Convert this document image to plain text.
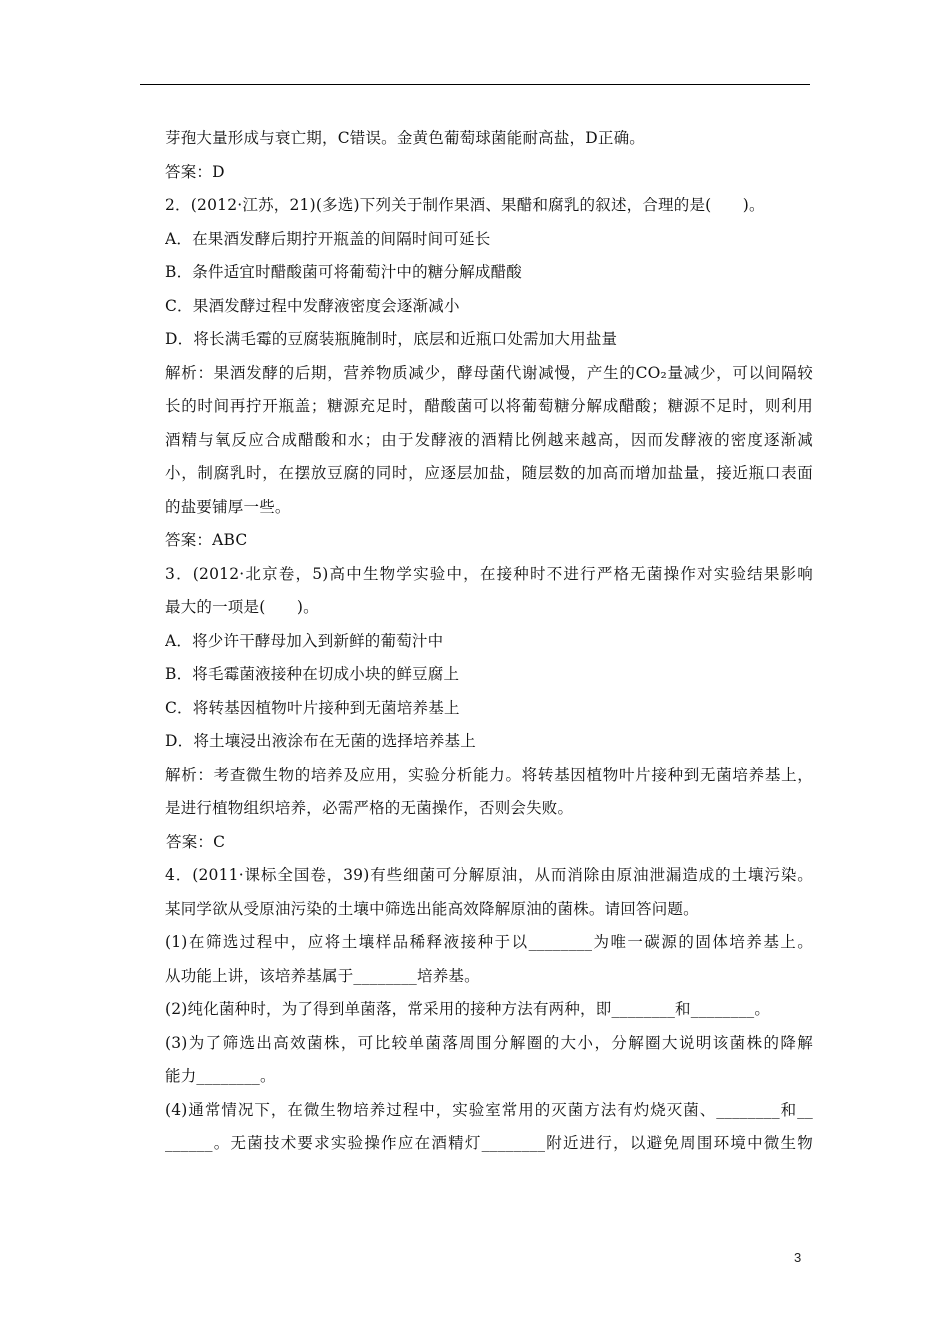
芽孢大量形成与衰亡期，C错误。金黄色葡萄球菌能耐高盐，D正确。
答案：D
2．(2012·江苏，21)(多选)下列关于制作果酒、果醋和腐乳的叙述，合理的是(　　)。
A．在果酒发酵后期拧开瓶盖的间隔时间可延长
B．条件适宜时醋酸菌可将葡萄汁中的糖分解成醋酸
C．果酒发酵过程中发酵液密度会逐渐减小
D．将长满毛霉的豆腐装瓶腌制时，底层和近瓶口处需加大用盐量
解析：果酒发酵的后期，营养物质减少，酵母菌代谢减慢，产生的CO₂量减少，可以间隔较
长的时间再拧开瓶盖；糖源充足时，醋酸菌可以将葡萄糖分解成醋酸；糖源不足时，则利用
酒精与氧反应合成醋酸和水；由于发酵液的酒精比例越来越高，因而发酵液的密度逐渐减
小，制腐乳时，在摆放豆腐的同时，应逐层加盐，随层数的加高而增加盐量，接近瓶口表面
的盐要铺厚一些。
答案：ABC
3．(2012·北京卷，5)高中生物学实验中，在接种时不进行严格无菌操作对实验结果影响
最大的一项是(　　)。
A．将少许干酵母加入到新鲜的葡萄汁中
B．将毛霉菌液接种在切成小块的鲜豆腐上
C．将转基因植物叶片接种到无菌培养基上
D．将土壤浸出液涂布在无菌的选择培养基上
解析：考查微生物的培养及应用，实验分析能力。将转基因植物叶片接种到无菌培养基上，
是进行植物组织培养，必需严格的无菌操作，否则会失败。
答案：C
4．(2011·课标全国卷，39)有些细菌可分解原油，从而消除由原油泄漏造成的土壤污染。
某同学欲从受原油污染的土壤中筛选出能高效降解原油的菌株。请回答问题。
(1)在筛选过程中，应将土壤样品稀释液接种于以________为唯一碳源的固体培养基上。
从功能上讲，该培养基属于________培养基。
(2)纯化菌种时，为了得到单菌落，常采用的接种方法有两种，即________和________。
(3)为了筛选出高效菌株，可比较单菌落周围分解圈的大小，分解圈大说明该菌株的降解
能力________。
(4)通常情况下，在微生物培养过程中，实验室常用的灭菌方法有灼烧灭菌、________和__
______。无菌技术要求实验操作应在酒精灯________附近进行，以避免周围环境中微生物
3
